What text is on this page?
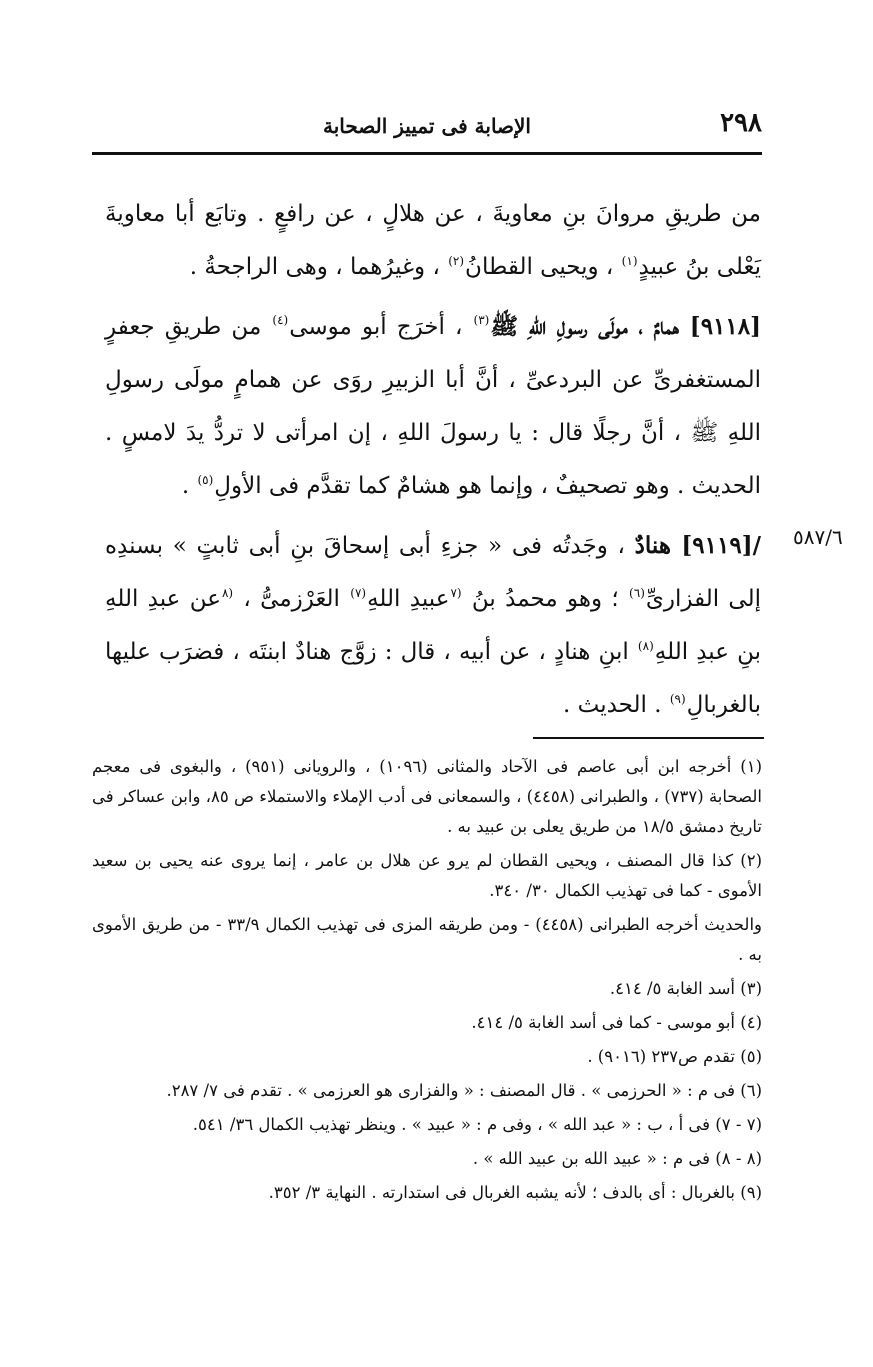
٢٩٨
الإصابة فى تمييز الصحابة
٥٨٧/٦

من طريقِ مروانَ بنِ معاويةَ ، عن هلالٍ ، عن رافعٍ . وتابَع أبا معاويةَ يَعْلى بنُ عبيدٍ$^{(١)}$ ، ويحيى القطانُ$^{(٢)}$ ، وغيرُهما ، وهى الراجحةُ .

[٩١١٨] همامٌ ، مولَى رسولِ اللهِ ﷺ$^{(٣)}$ ، أخرَج أبو موسى$^{(٤)}$ من طريقِ جعفرٍ المستغفرىِّ عن البردعىِّ ، أنَّ أبا الزبيرِ روَى عن همامٍ مولَى رسولِ اللهِ ﷺ ، أنَّ رجلًا قال : يا رسولَ اللهِ ، إن امرأتى لا تردُّ يدَ لامسٍ . الحديث . وهو تصحيفٌ ، وإنما هو هشامٌ كما تقدَّم فى الأولِ$^{(٥)}$ .

/[٩١١٩] هنادٌ ، وجَدتُه فى « جزءِ أبى إسحاقَ بنِ أبى ثابتٍ » بسندِه إلى الفزارىِّ$^{(٦)}$ ؛ وهو محمدُ بنُ $^{(٧}$عبيدِ اللهِ$^{(٧)}$ العَرْزمىُّ ، $^{(٨}$عن عبدِ اللهِ بنِ عبدِ اللهِ$^{(٨)}$ ابنِ هنادٍ ، عن أبيه ، قال : زوَّج هنادٌ ابنتَه ، فضرَب عليها بالغربالِ$^{(٩)}$ . الحديث .

(١) أخرجه ابن أبى عاصم فى الآحاد والمثانى (١٠٩٦) ، والرويانى (٩٥١) ، والبغوى فى معجم الصحابة (٧٣٧) ، والطبرانى (٤٤٥٨) ، والسمعانى فى أدب الإملاء والاستملاء ص ٨٥، وابن عساكر فى تاريخ دمشق ١٨/٥ من طريق يعلى بن عبيد به .

(٢) كذا قال المصنف ، ويحيى القطان لم يرو عن هلال بن عامر ، إنما يروى عنه يحيى بن سعيد الأموى - كما فى تهذيب الكمال ٣٠/ ٣٤٠.

والحديث أخرجه الطبرانى (٤٤٥٨) - ومن طريقه المزى فى تهذيب الكمال ٣٣/٩ - من طريق الأموى به .

(٣) أسد الغابة ٥/ ٤١٤.

(٤) أبو موسى - كما فى أسد الغابة ٥/ ٤١٤.

(٥) تقدم ص٢٣٧ (٩٠١٦) .

(٦) فى م : « الحرزمى » . قال المصنف : « والفزارى هو العرزمى » . تقدم فى ٧/ ٢٨٧.

(٧ - ٧) فى أ ، ب : « عبد الله » ، وفى م : « عبيد » . وينظر تهذيب الكمال ٣٦/ ٥٤١.

(٨ - ٨) فى م : « عبيد الله بن عبيد الله » .

(٩) بالغربال : أى بالدف ؛ لأنه يشبه الغربال فى استدارته . النهاية ٣/ ٣٥٢.
